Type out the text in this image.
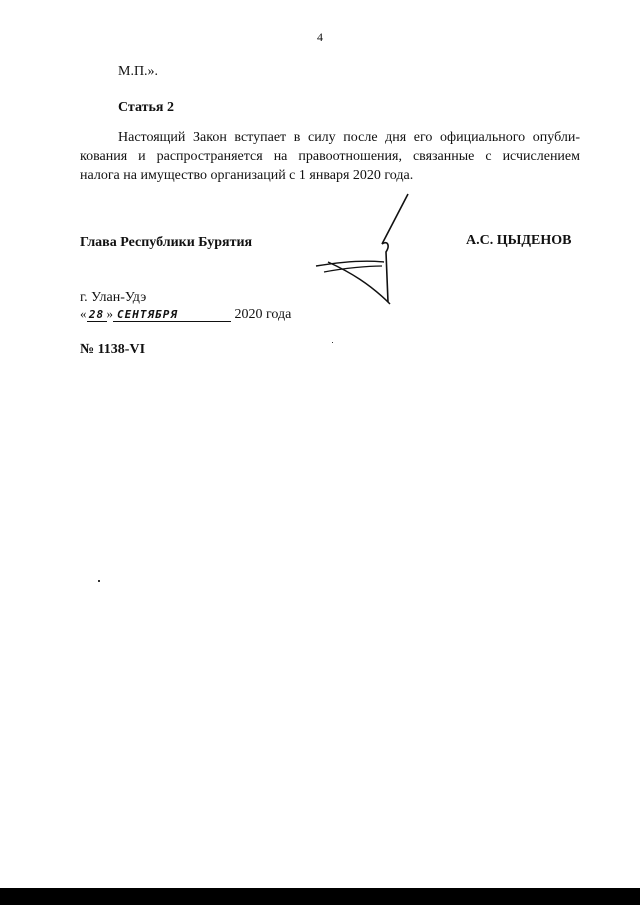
4
М.П.».
Статья 2
Настоящий Закон вступает в силу после дня его официального опубли-
кования и распространяется на правоотношения, связанные с исчислением
налога на имущество организаций с 1 января 2020 года.
Глава Республики Бурятия	А.С. ЦЫДЕНОВ
г. Улан-Удэ
« 28 » СЕНТЯБРЯ	2020 года
№ 1138-VI
